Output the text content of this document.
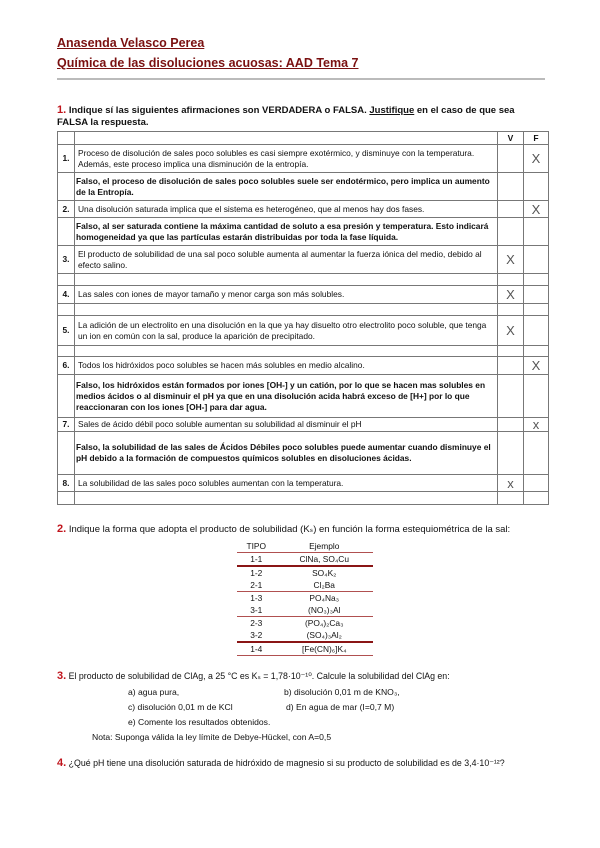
Anasenda Velasco Perea
Química de las disoluciones acuosas: AAD Tema 7
1. Indique sí las siguientes afirmaciones son VERDADERA o FALSA. Justifique en el caso de que sea FALSA la respuesta.
		V	F
1.	Proceso de disolución de sales poco solubles es casi siempre exotérmico, y disminuye con la temperatura. Además, este proceso implica una disminución de la entropía.		X
	Falso, el proceso de disolución de sales poco solubles suele ser endotérmico, pero implica un aumento de la Entropía.		
2.	Una disolución saturada implica que el sistema es heterogéneo, que al menos hay dos fases.		X
	Falso, al ser saturada contiene la máxima cantidad de soluto a esa presión y temperatura. Esto indicará homogeneidad ya que las partículas estarán distribuidas por toda la fase líquida.		
3.	El producto de solubilidad de una sal poco soluble aumenta al aumentar la fuerza iónica del medio, debido al efecto salino.	X	

4.	Las sales con iones de mayor tamaño y menor carga son más solubles.	X	

5.	La adición de un electrolito en una disolución en la que ya hay disuelto otro electrolito poco soluble, que tenga un ion en común con la sal, produce la aparición de precipitado.	X	

6.	Todos los hidróxidos poco solubles se hacen más solubles en medio alcalino.		X
	Falso, los hidróxidos están formados por iones [OH-] y un catión, por lo que se hacen mas solubles en medios ácidos o al disminuir el pH ya que en una disolución acida habrá exceso de [H+] por lo que reaccionaran con los iones [OH-] para dar agua.		
7.	Sales de ácido débil poco soluble aumentan su solubilidad al disminuir el pH		x
	Falso, la solubilidad de las sales de Ácidos Débiles poco solubles puede aumentar cuando disminuye el pH debido a la formación de compuestos químicos solubles en disoluciones ácidas.		
8.	La solubilidad de las sales poco solubles aumentan con la temperatura.	x	

2. Indique la forma que adopta el producto de solubilidad (Kₛ) en función la forma estequiométrica de la sal:
TIPO	Ejemplo
1-1	ClNa, SO₄Cu
1-2	SO₄K₂
2-1	Cl₂Ba
1-3	PO₄Na₃
3-1	(NO₃)₃Al
2-3	(PO₄)₂Ca₃
3-2	(SO₄)₃Al₂
1-4	[Fe(CN)₆]K₄
3. El producto de solubilidad de ClAg, a 25 °C es Kₛ = 1,78·10⁻¹⁰. Calcule la solubilidad del ClAg en:
a) agua pura,	b) disolución 0,01 m de KNO₃,
c) disolución 0,01 m de KCl	d) En agua de mar (I=0,7 M)
e) Comente los resultados obtenidos.
Nota: Suponga válida la ley límite de Debye-Hückel, con A=0,5
4. ¿Qué pH tiene una disolución saturada de hidróxido de magnesio si su producto de solubilidad es de 3,4·10⁻¹²?
